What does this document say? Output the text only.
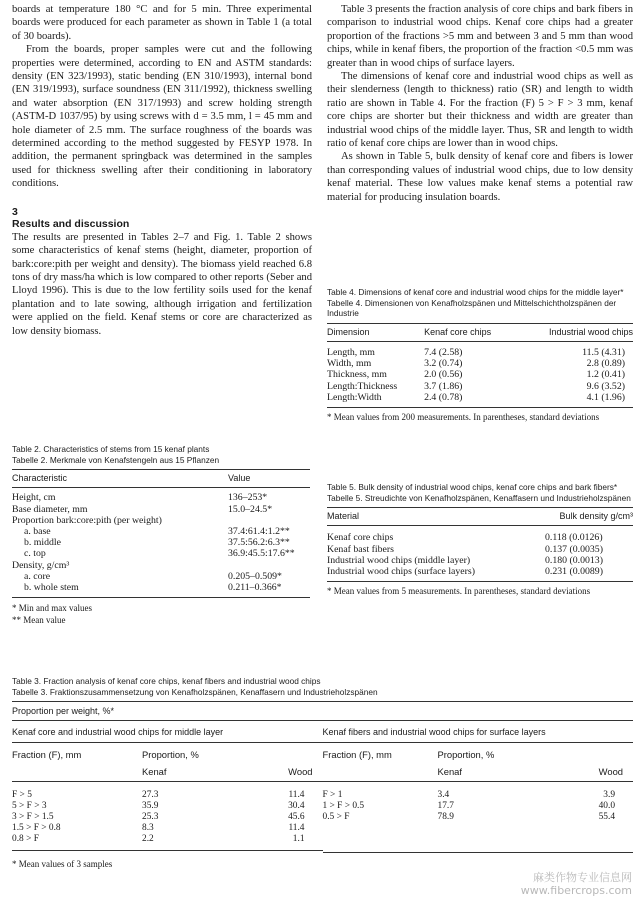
boards at temperature 180 °C and for 5 min. Three experimental boards were produced for each parameter as shown in Table 1 (a total of 30 boards).

From the boards, proper samples were cut and the following properties were determined, according to EN and ASTM standards: density (EN 323/1993), static bending (EN 310/1993), internal bond (EN 319/1993), surface soundness (EN 311/1992), thickness swelling and water absorption (EN 317/1993) and screw holding strength (ASTM-D 1037/95) by using screws with d = 3.5 mm, l = 45 mm and hole diameter of 2.5 mm. The surface roughness of the boards was determined according to the method suggested by FESYP 1978. In addition, the permanent springback was determined in the samples used for thickness swelling after their conditioning in laboratory conditions.

3
Results and discussion

The results are presented in Tables 2–7 and Fig. 1. Table 2 shows some characteristics of kenaf stems (height, diameter, proportion of bark:core:pith per weight and density). The biomass yield reached 6.8 tons of dry mass/ha which is low compared to other reports (Seber and Lloyd 1996). This is due to the low fertility soils used for the kenaf plantation and to late sowing, although irrigation and fertilization were applied on the field. Kenaf stems or core are characterized as low density biomass.

Table 3 presents the fraction analysis of core chips and bark fibers in comparison to industrial wood chips. Kenaf core chips had a greater proportion of the fractions >5 mm and between 3 and 5 mm than wood chips, while in kenaf fibers, the proportion of the fraction <0.5 mm was greater than in wood chips of surface layers.

The dimensions of kenaf core and industrial wood chips as well as their slenderness (length to thickness) ratio (SR) and length to width ratio are shown in Table 4. For the fraction (F) 5 > F > 3 mm, kenaf core chips are shorter but their thickness and width are greater than industrial wood chips of the middle layer. Thus, SR and length to width ratio of kenaf core chips are lower than in wood chips.

As shown in Table 5, bulk density of kenaf core and fibers is lower than corresponding values of industrial wood chips, due to low density kenaf material. These low values make kenaf stems a potential raw material for producing insulation boards.

Table 2. Characteristics of stems from 15 kenaf plants
Tabelle 2. Merkmale von Kenafstengeln aus 15 Pflanzen
Characteristic	Value
Height, cm	136–253*
Base diameter, mm	15.0–24.5*
Proportion bark:core:pith (per weight)	
a. base	37.4:61.4:1.2**
b. middle	37.5:56.2:6.3**
c. top	36.9:45.5:17.6**
Density, g/cm³	
a. core	0.205–0.509*
b. whole stem	0.211–0.366*
* Min and max values
** Mean value
Table 4. Dimensions of kenaf core and industrial wood chips for the middle layer*
Tabelle 4. Dimensionen von Kenafholzspänen und Mittelschichtholzspänen der Industrie
Dimension	Kenaf core chips	Industrial wood chips
Length, mm	7.4 (2.58)	11.5 (4.31)
Width, mm	3.2 (0.74)	2.8 (0.89)
Thickness, mm	2.0 (0.56)	1.2 (0.41)
Length:Thickness	3.7 (1.86)	9.6 (3.52)
Length:Width	2.4 (0.78)	4.1 (1.96)
* Mean values from 200 measurements. In parentheses, standard deviations
Table 5. Bulk density of industrial wood chips, kenaf core chips and bark fibers*
Tabelle 5. Streudichte von Kenafholzspänen, Kenaffasern und Industrieholzspänen
Material	Bulk density g/cm³
Kenaf core chips	0.118 (0.0126)
Kenaf bast fibers	0.137 (0.0035)
Industrial wood chips (middle layer)	0.180 (0.0013)
Industrial wood chips (surface layers)	0.231 (0.0089)
* Mean values from 5 measurements. In parentheses, standard deviations
Table 3. Fraction analysis of kenaf core chips, kenaf fibers and industrial wood chips
Tabelle 3. Fraktionszusammensetzung von Kenafholzspänen, Kenaffasern und Industrieholzspänen
Proportion per weight, %*
Kenaf core and industrial wood chips for middle layer
Fraction (F), mm	Proportion, %	
	Kenaf	Wood
F > 5	27.3	11.4
5 > F > 3	35.9	30.4
3 > F > 1.5	25.3	45.6
1.5 > F > 0.8	8.3	11.4
0.8 > F	2.2	1.1
Kenaf fibers and industrial wood chips for surface layers
Fraction (F), mm	Proportion, %	
	Kenaf	Wood
F > 1	3.4	3.9
1 > F > 0.5	17.7	40.0
0.5 > F	78.9	55.4
* Mean values of 3 samples
麻类作物专业信息网
www.fibercrops.com
